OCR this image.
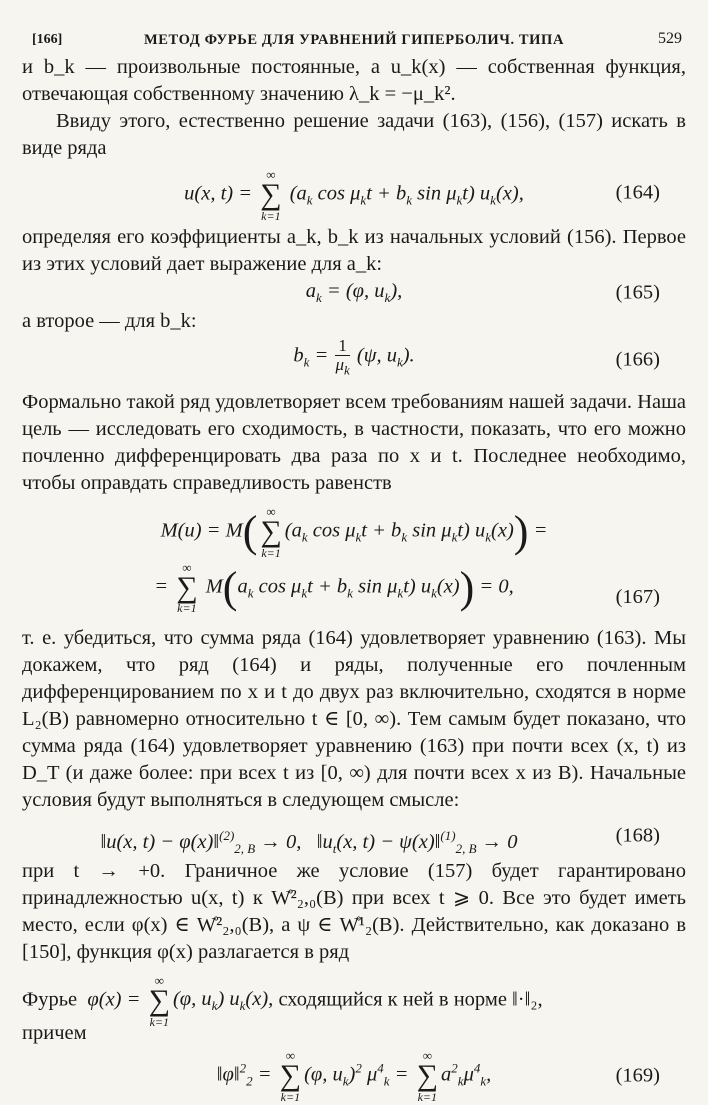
[166]	МЕТОД ФУРЬЕ ДЛЯ УРАВНЕНИЙ ГИПЕРБОЛИЧ. ТИПА	529

и b_k — произвольные постоянные, а u_k(x) — собственная функция, отвечающая собственному значению λ_k = −μ_k².

Ввиду этого, естественно решение задачи (163), (156), (157) искать в виде ряда

u(x, t) =
∞
∑
k=1
($a_k$ $\cos \mu_kt + b_k$ $\sin \mu_kt$) $u_k(x)$,	(164)

определяя его коэффициенты a_k, b_k из начальных условий (156). Первое из этих условий дает выражение для a_k:

$a_k = (\varphi$, $u_k$),	(165)

а второе — для b_k:

$b_k = \frac{1}{\mu_k} (\psi$, $u_k$).	(166)

Формально такой ряд удовлетворяет всем требованиям нашей задачи. Наша цель — исследовать его сходимость, в частности, показать, что его можно почленно дифференцировать два раза по x и t. Последнее необходимо, чтобы оправдать справедливость равенств

M(u) = M( ∞
∑
k=1
($a_k$ $\cos \mu_kt + b_k$ $\sin \mu_kt$) $u_k(x)$) =
=
∞
∑
k=1
$M(a_k$ $\cos \mu_kt + b_k$ $\sin \mu_kt$) $u_k(x)) = 0$,
(167)

т. е. убедиться, что сумма ряда (164) удовлетворяет уравнению (163). Мы докажем, что ряд (164) и ряды, полученные его почленным дифференцированием по x и t до двух раз включительно, сходятся в норме L₂(B) равномерно относительно t ∈ [0, ∞). Тем самым будет показано, что сумма ряда (164) удовлетворяет уравнению (163) при почти всех (x, t) из D_T (и даже более: при всех t из [0, ∞) для почти всех x из B). Начальные условия будут выполняться в следующем смысле:

‖u(x, t) − φ(x)‖$^{(2)}_{2, B}$ → 0,   $‖u_t(x$, t) − ψ(x)‖$^{(1)}_{2, B}$ → 0	(168)

при t → +0. Граничное же условие (157) будет гарантировано принадлежностью u(x, t) к W̊²₂,₀(B) при всех t ⩾ 0. Все это будет иметь место, если φ(x) ∈ W̊²₂,₀(B), а ψ ∈ W̊¹₂(B). Действительно, как доказано в [150], функция φ(x) разлагается в ряд

Фурье  φ(x) =
∞
∑
k=1
(φ, $u_k$) $u_k(x)$, сходящийся к ней в норме ‖·‖₂,

причем

‖φ‖$^2_2$ =
∞
∑
k=1
(φ, $u_k)^2$ $\mu^4_k$ =
∞
∑
k=1
$a^2_k\mu^4_k$,	(169)
